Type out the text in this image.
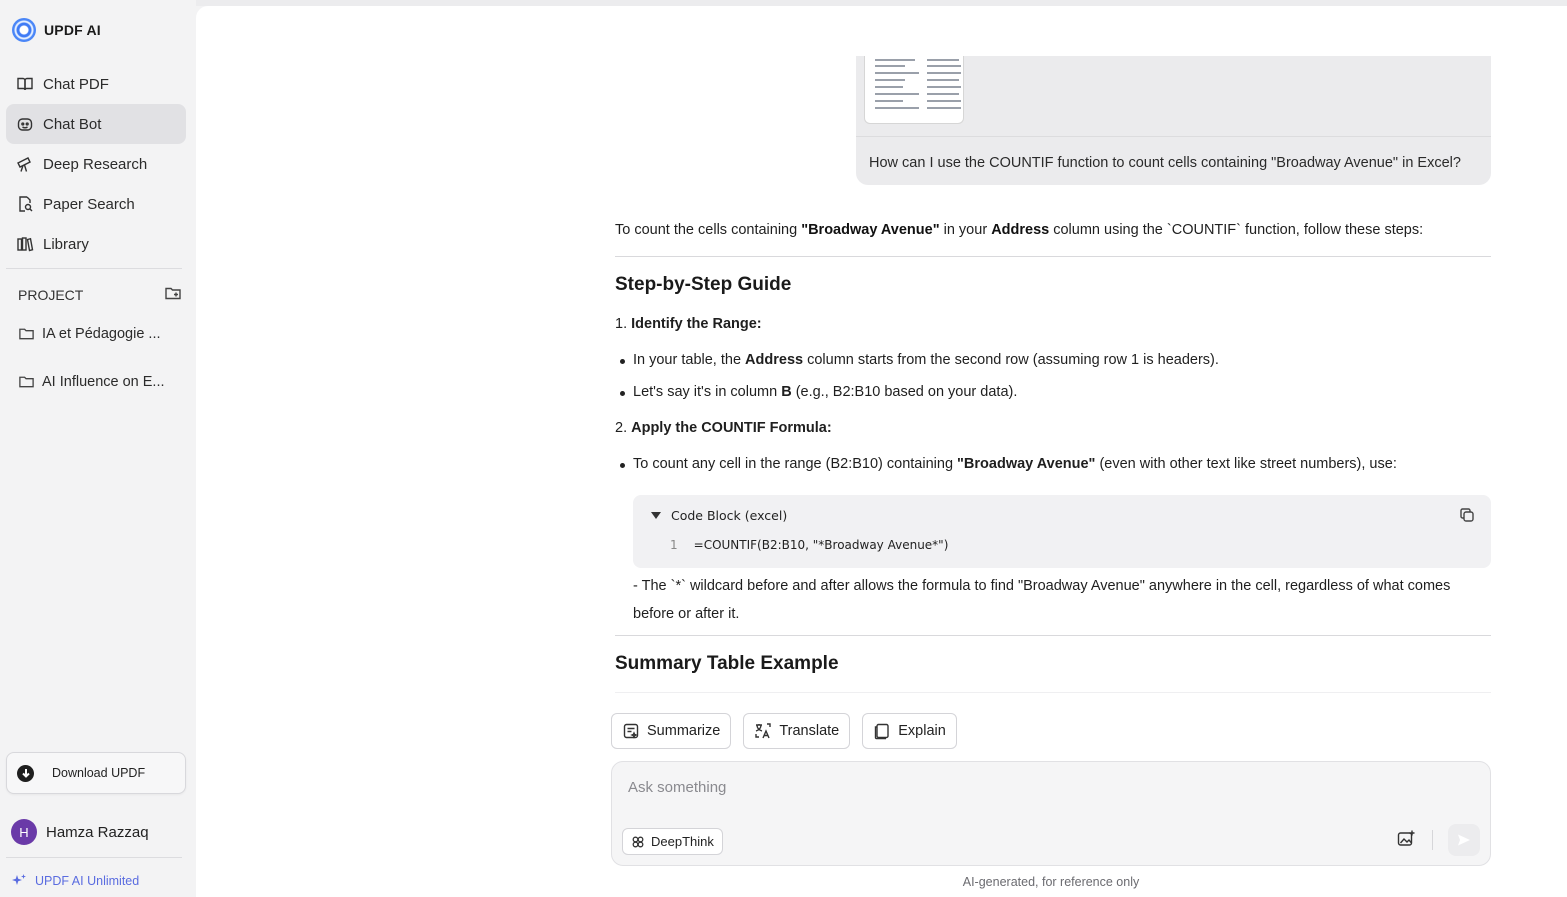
UPDF AI
Chat PDF
Chat Bot
Deep Research
Paper Search
Library
PROJECT
IA et Pédagogie ...
AI Influence on E...
Download UPDF
H	Hamza Razzaq
UPDF AI Unlimited
How can I use the COUNTIF function to count cells containing "Broadway Avenue" in Excel?
To count the cells containing "Broadway Avenue" in your Address column using the `COUNTIF` function, follow these steps:
Step-by-Step Guide
1. Identify the Range:
In your table, the Address column starts from the second row (assuming row 1 is headers).
Let's say it's in column B (e.g., B2:B10 based on your data).
2. Apply the COUNTIF Formula:
To count any cell in the range (B2:B10) containing "Broadway Avenue" (even with other text like street numbers), use:
Code Block (excel)
1 =COUNTIF(B2:B10, "*Broadway Avenue*")
- The `*` wildcard before and after allows the formula to find "Broadway Avenue" anywhere in the cell, regardless of what comes before or after it.
Summary Table Example
Summarize	Translate	Explain
Ask something
DeepThink
AI-generated, for reference only
